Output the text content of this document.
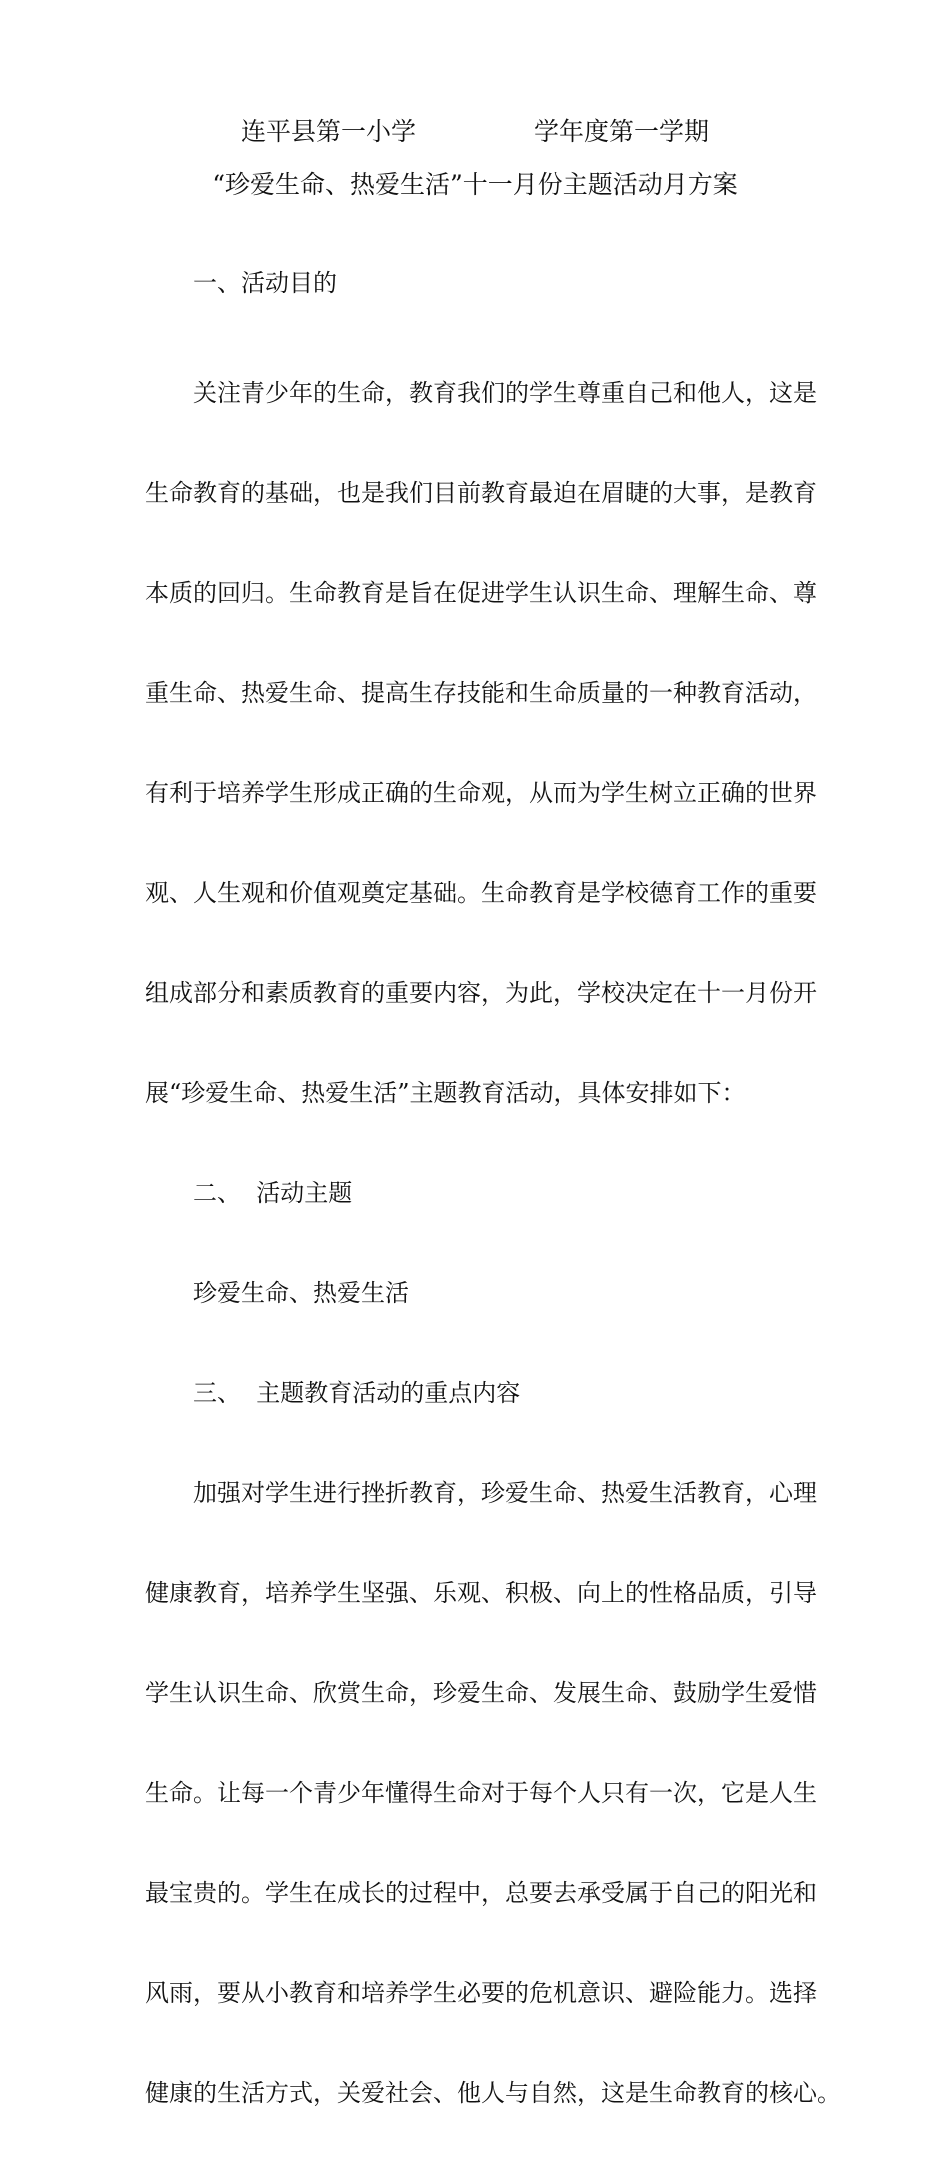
连平县第一小学	学年度第一学期
“珍爱生命、热爱生活”十一月份主题活动月方案
一、活动目的

关注青少年的生命，教育我们的学生尊重自己和他人，这是

生命教育的基础，也是我们目前教育最迫在眉睫的大事，是教育

本质的回归。生命教育是旨在促进学生认识生命、理解生命、尊

重生命、热爱生命、提高生存技能和生命质量的一种教育活动，

有利于培养学生形成正确的生命观，从而为学生树立正确的世界

观、人生观和价值观奠定基础。生命教育是学校德育工作的重要

组成部分和素质教育的重要内容，为此，学校决定在十一月份开

展“珍爱生命、热爱生活”主题教育活动，具体安排如下：

二、  活动主题

珍爱生命、热爱生活

三、  主题教育活动的重点内容

加强对学生进行挫折教育，珍爱生命、热爱生活教育，心理

健康教育，培养学生坚强、乐观、积极、向上的性格品质，引导

学生认识生命、欣赏生命，珍爱生命、发展生命、鼓励学生爱惜

生命。让每一个青少年懂得生命对于每个人只有一次，它是人生

最宝贵的。学生在成长的过程中，总要去承受属于自己的阳光和

风雨，要从小教育和培养学生必要的危机意识、避险能力。选择

健康的生活方式，关爱社会、他人与自然，这是生命教育的核心。
